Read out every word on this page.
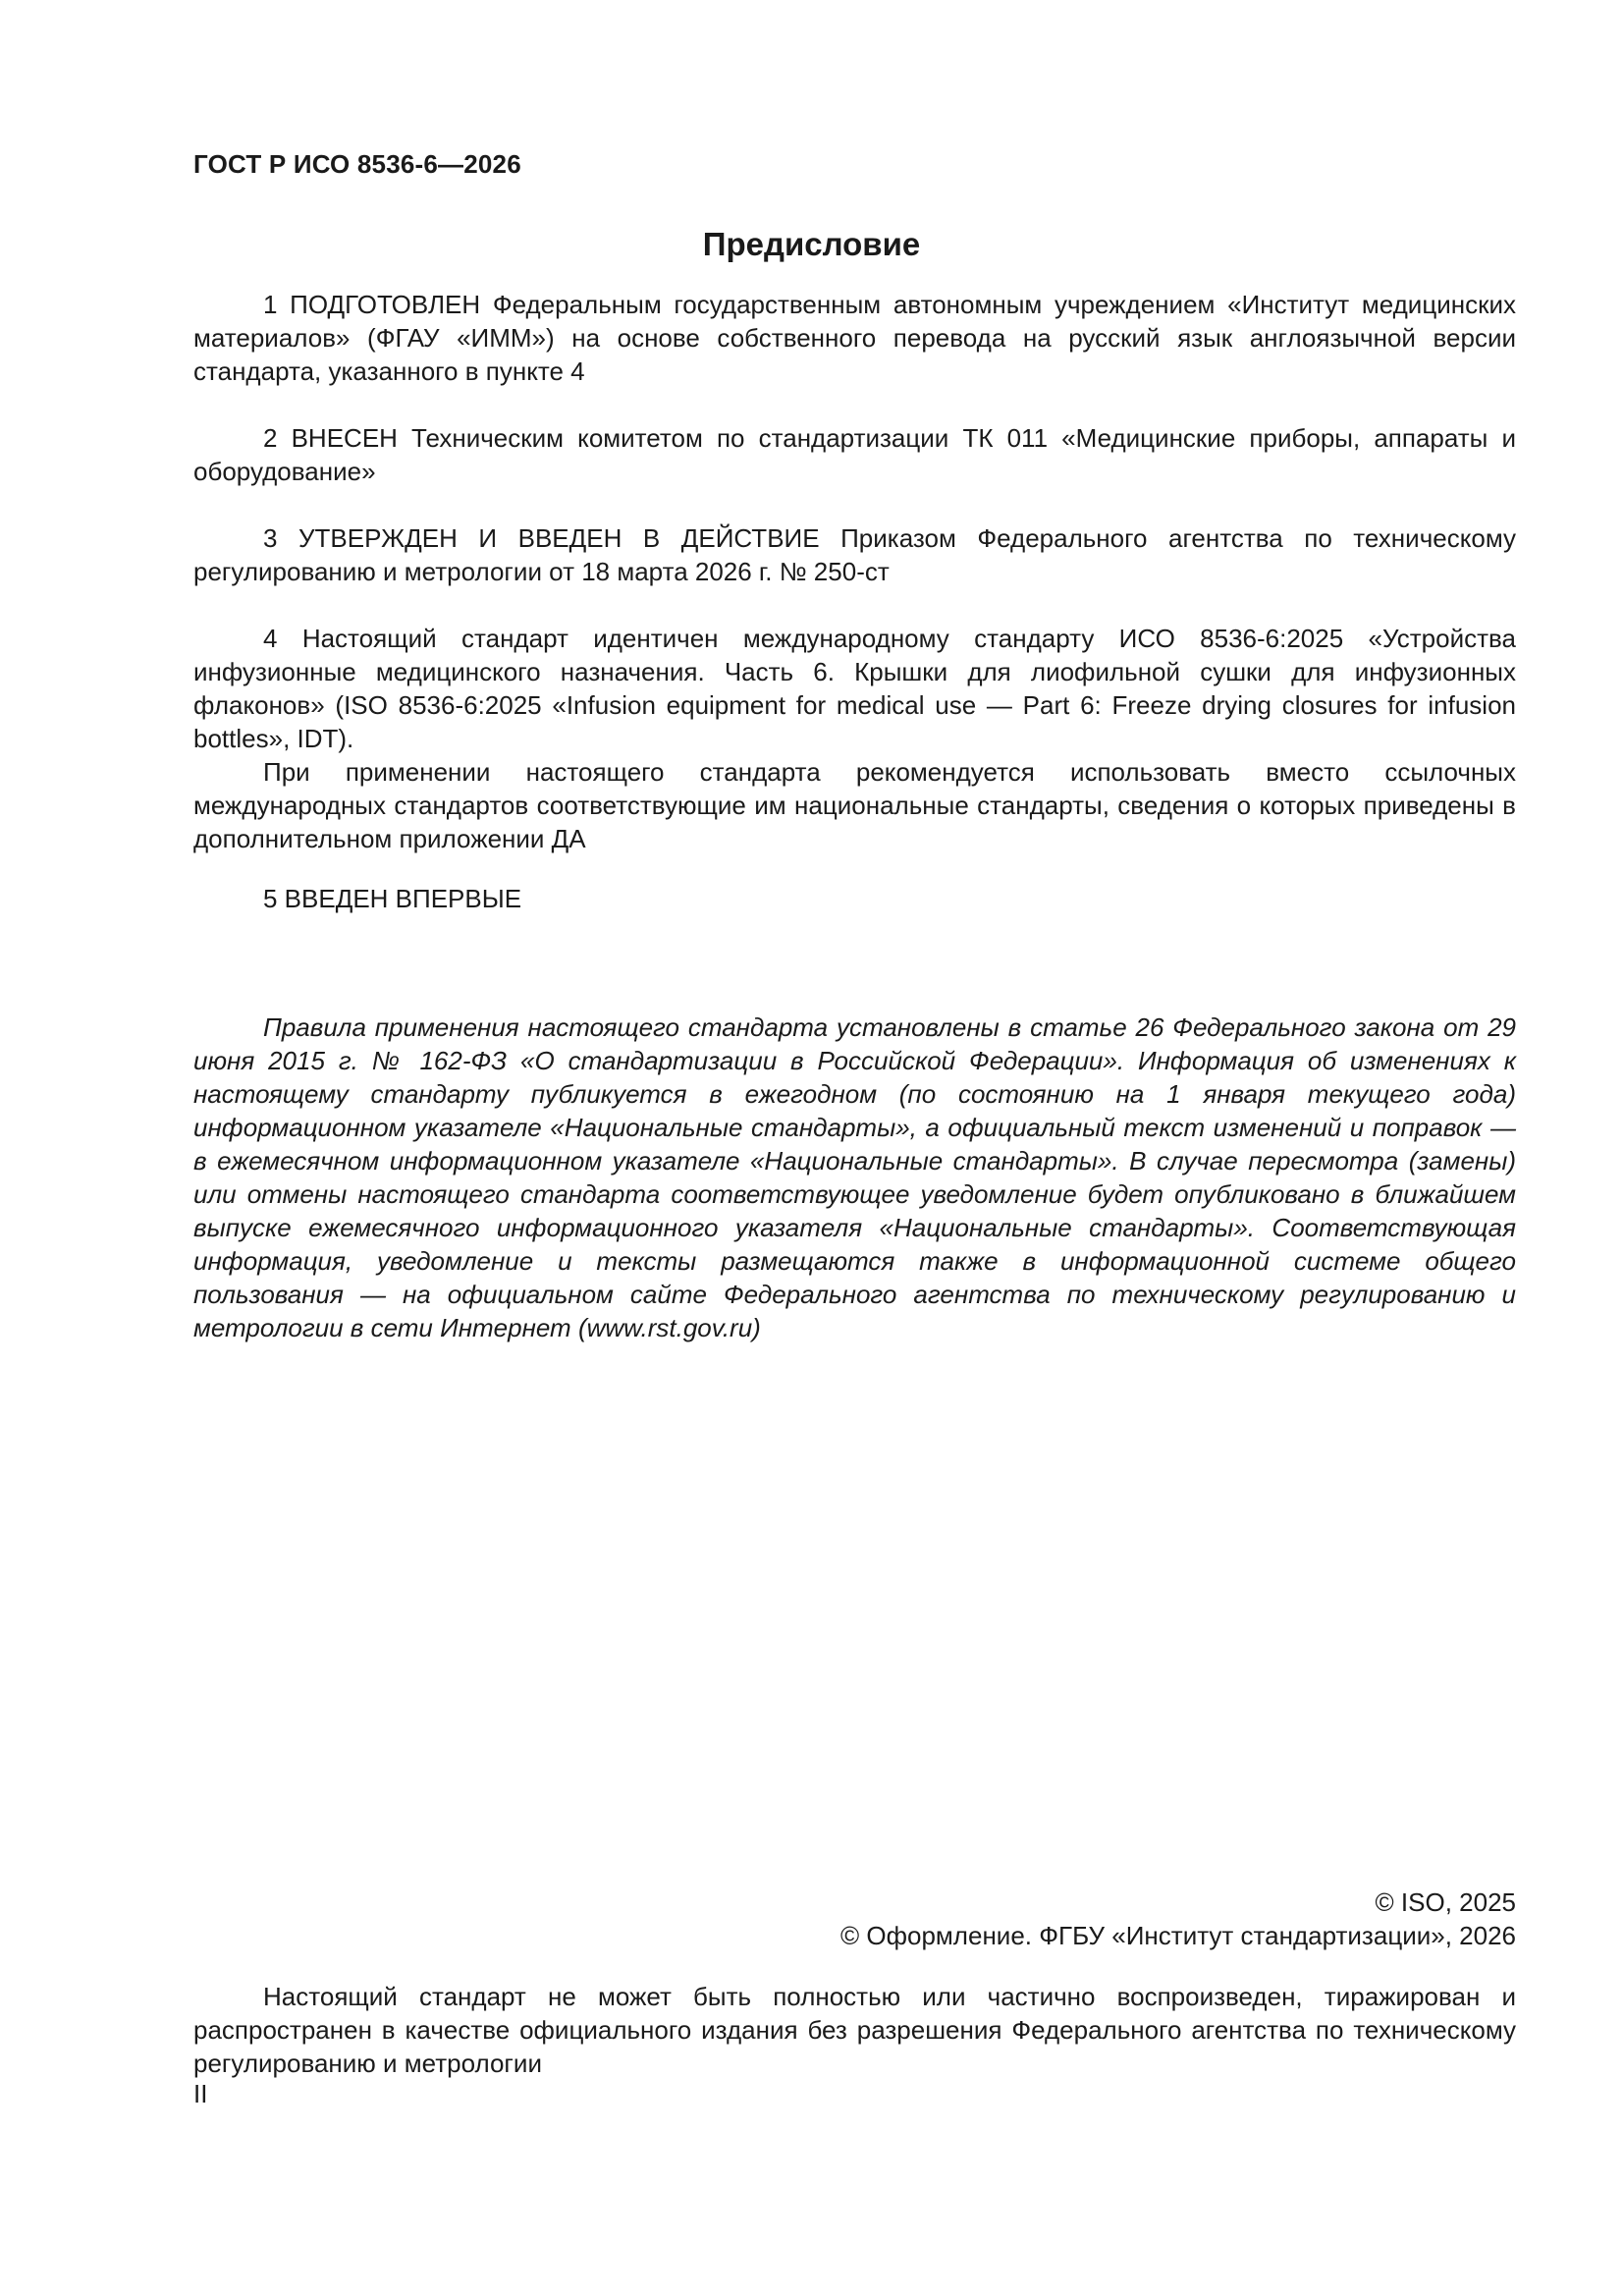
ГОСТ Р ИСО 8536-6—2026
Предисловие

1 ПОДГОТОВЛЕН Федеральным государственным автономным учреждением «Институт медицинских материалов» (ФГАУ «ИММ») на основе собственного перевода на русский язык англоязычной версии стандарта, указанного в пункте 4

2 ВНЕСЕН Техническим комитетом по стандартизации ТК 011 «Медицинские приборы, аппараты и оборудование»

3 УТВЕРЖДЕН И ВВЕДЕН В ДЕЙСТВИЕ Приказом Федерального агентства по техническому регулированию и метрологии от 18 марта 2026 г. № 250-ст

4 Настоящий стандарт идентичен международному стандарту ИСО 8536-6:2025 «Устройства инфузионные медицинского назначения. Часть 6. Крышки для лиофильной сушки для инфузионных флаконов» (ISO 8536-6:2025 «Infusion equipment for medical use — Part 6: Freeze drying closures for infusion bottles», IDT).

При применении настоящего стандарта рекомендуется использовать вместо ссылочных международных стандартов соответствующие им национальные стандарты, сведения о которых приведены в дополнительном приложении ДА

5 ВВЕДЕН ВПЕРВЫЕ

Правила применения настоящего стандарта установлены в статье 26 Федерального закона от 29 июня 2015 г. № 162-ФЗ «О стандартизации в Российской Федерации». Информация об изменениях к настоящему стандарту публикуется в ежегодном (по состоянию на 1 января текущего года) информационном указателе «Национальные стандарты», а официальный текст изменений и поправок — в ежемесячном информационном указателе «Национальные стандарты». В случае пересмотра (замены) или отмены настоящего стандарта соответствующее уведомление будет опубликовано в ближайшем выпуске ежемесячного информационного указателя «Национальные стандарты». Соответствующая информация, уведомление и тексты размещаются также в информационной системе общего пользования — на официальном сайте Федерального агентства по техническому регулированию и метрологии в сети Интернет (www.rst.gov.ru)

© ISO, 2025
© Оформление. ФГБУ «Институт стандартизации», 2026

Настоящий стандарт не может быть полностью или частично воспроизведен, тиражирован и распространен в качестве официального издания без разрешения Федерального агентства по техническому регулированию и метрологии

II
